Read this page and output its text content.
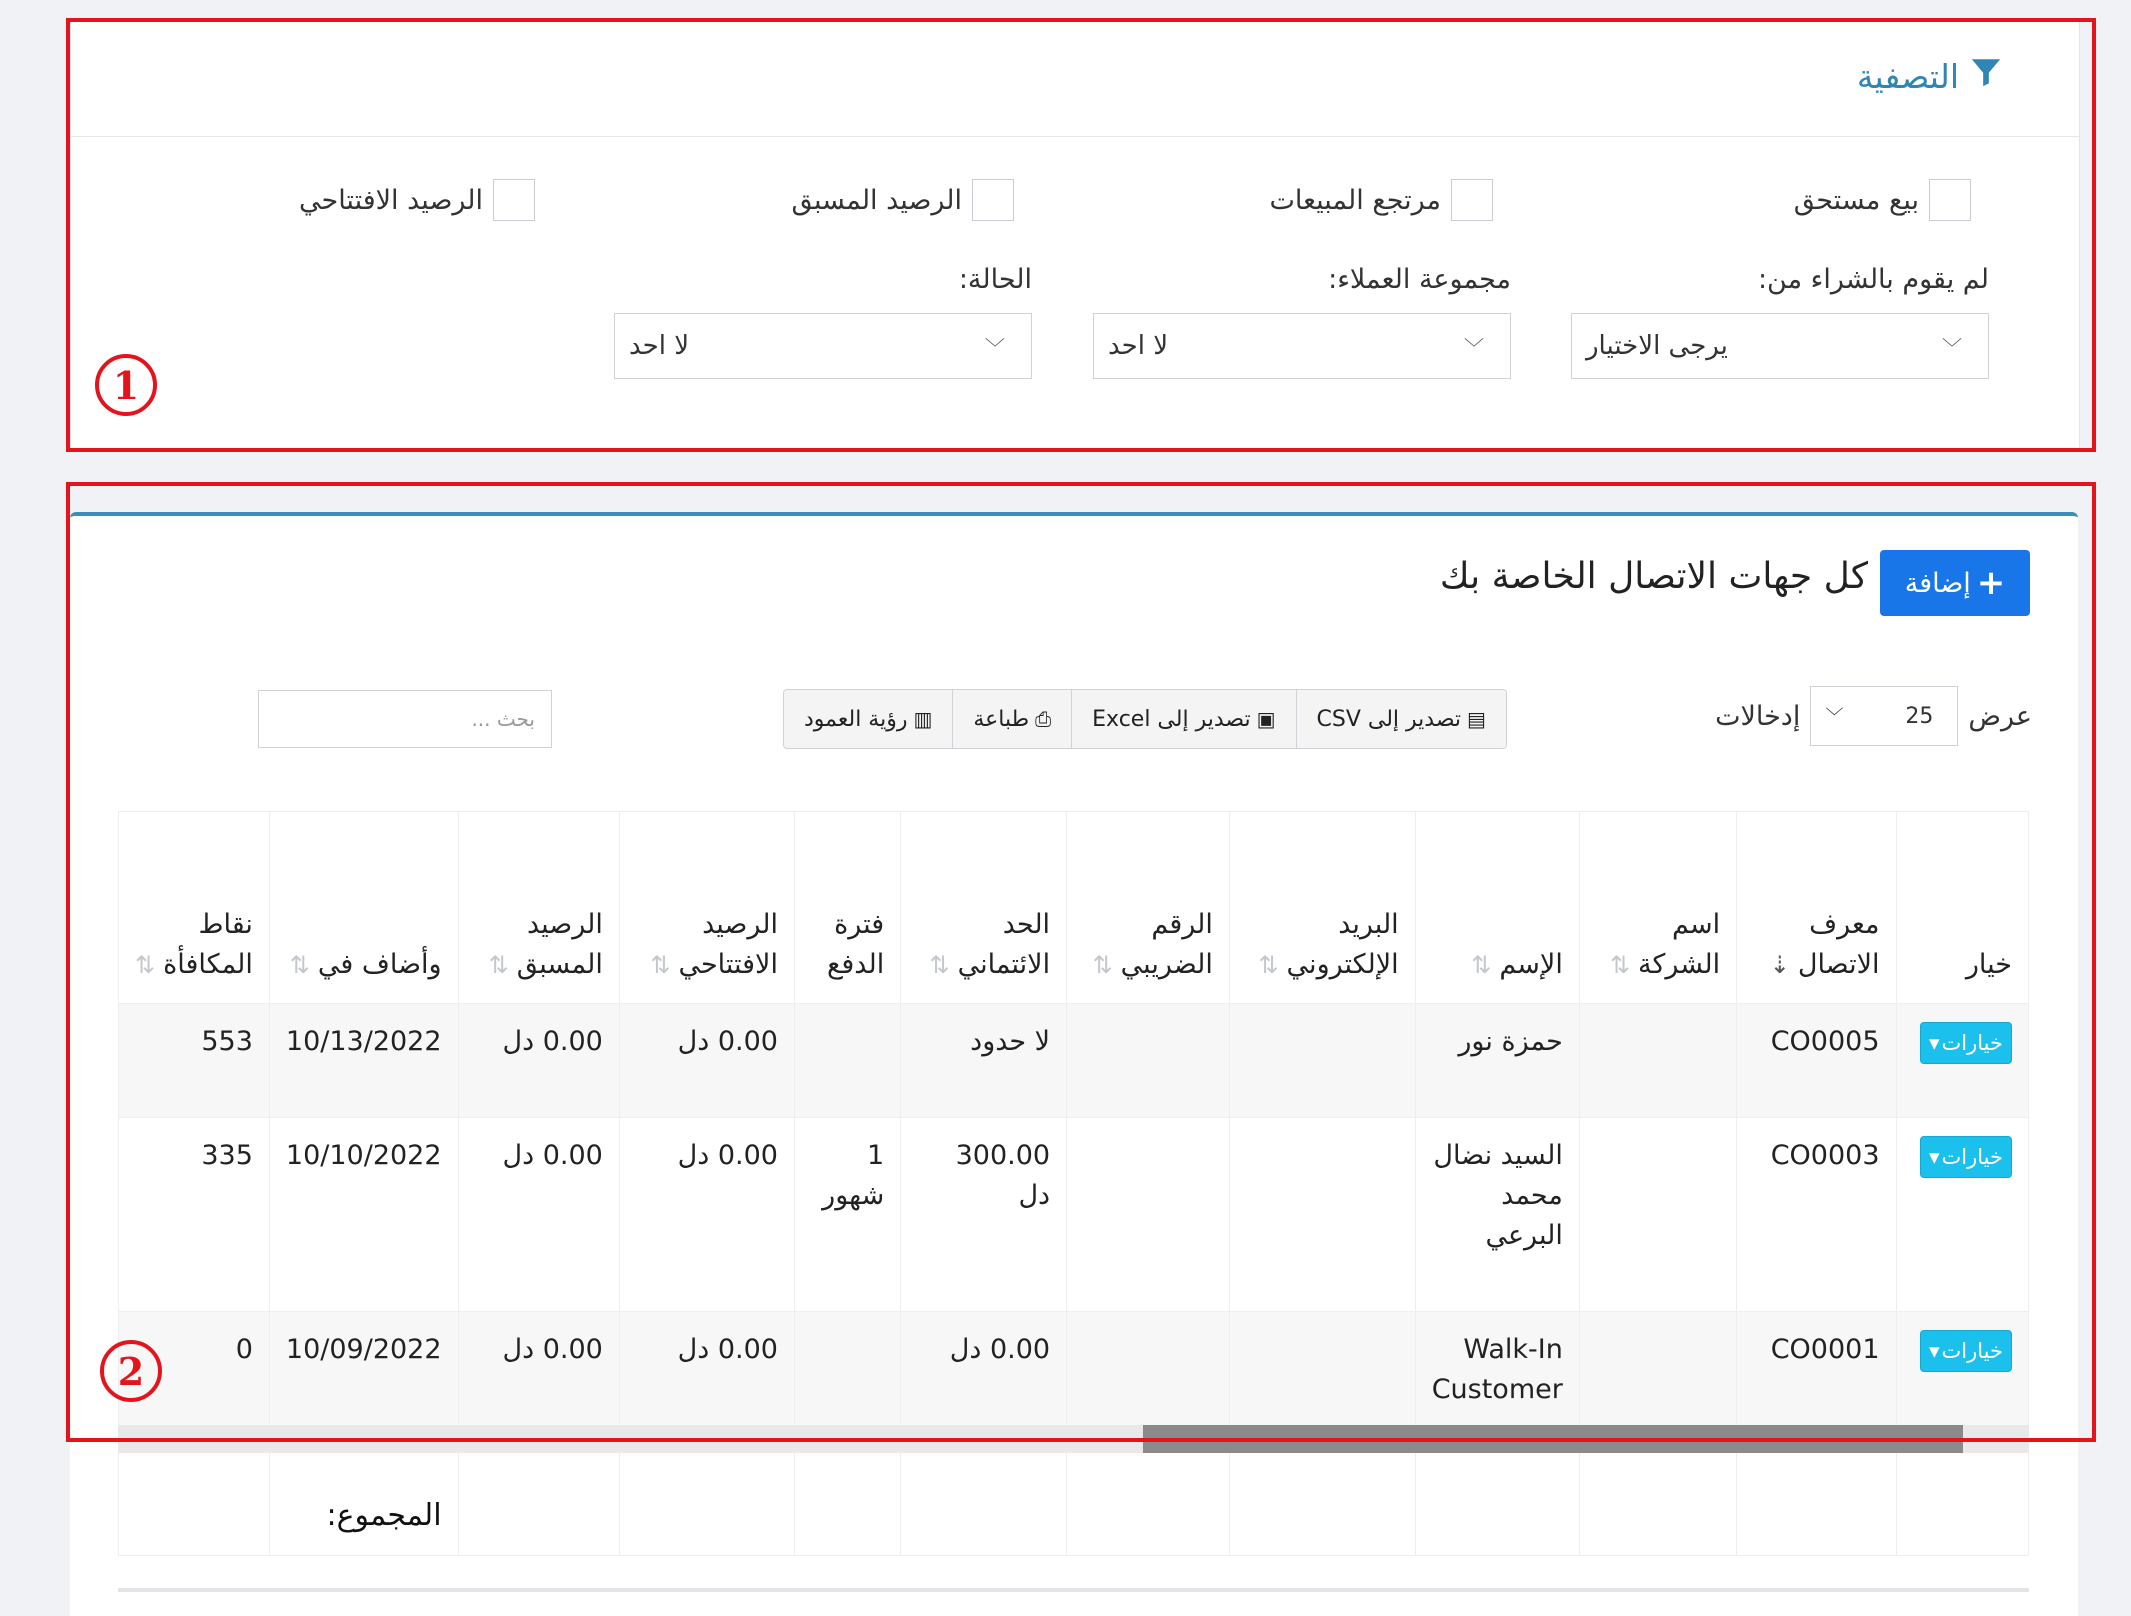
التصفية
بيع مستحق
مرتجع المبيعات
الرصيد المسبق
الرصيد الافتتاحي
لم يقوم بالشراء من:
مجموعة العملاء:
الحالة:
يرجى الاختيار	﹀
لا احد	﹀
لا احد	﹀
كل جهات الاتصال الخاصة بك	+
إضافة
عرض
25
﹀
إدخالات
▤
تصدير إلى CSV
▣
تصدير إلى Excel
⎙
طباعة
▥
رؤية العمود
بحث ...
خيار	معرف الاتصال⇣	اسم الشركة⇅	الإسم⇅	البريد الإلكتروني⇅	الرقم الضريبي⇅	الحد الائتماني⇅	فترة الدفع	الرصيد الافتتاحي⇅	الرصيد المسبق⇅	وأضاف في⇅	نقاط المكافأة⇅

خيارات
▾	CO0005		حمزة نور			لا حدود		0.00 دل	0.00 دل	10/13/2022	553

خيارات
▾	CO0003		السيد نضال محمد البرعي			300.00 دل	1 شهور	0.00 دل	0.00 دل	10/10/2022	335

خيارات
▾	CO0001		Walk-In Customer			0.00 دل		0.00 دل	0.00 دل	10/09/2022	0
										المجموع:	
1
2
